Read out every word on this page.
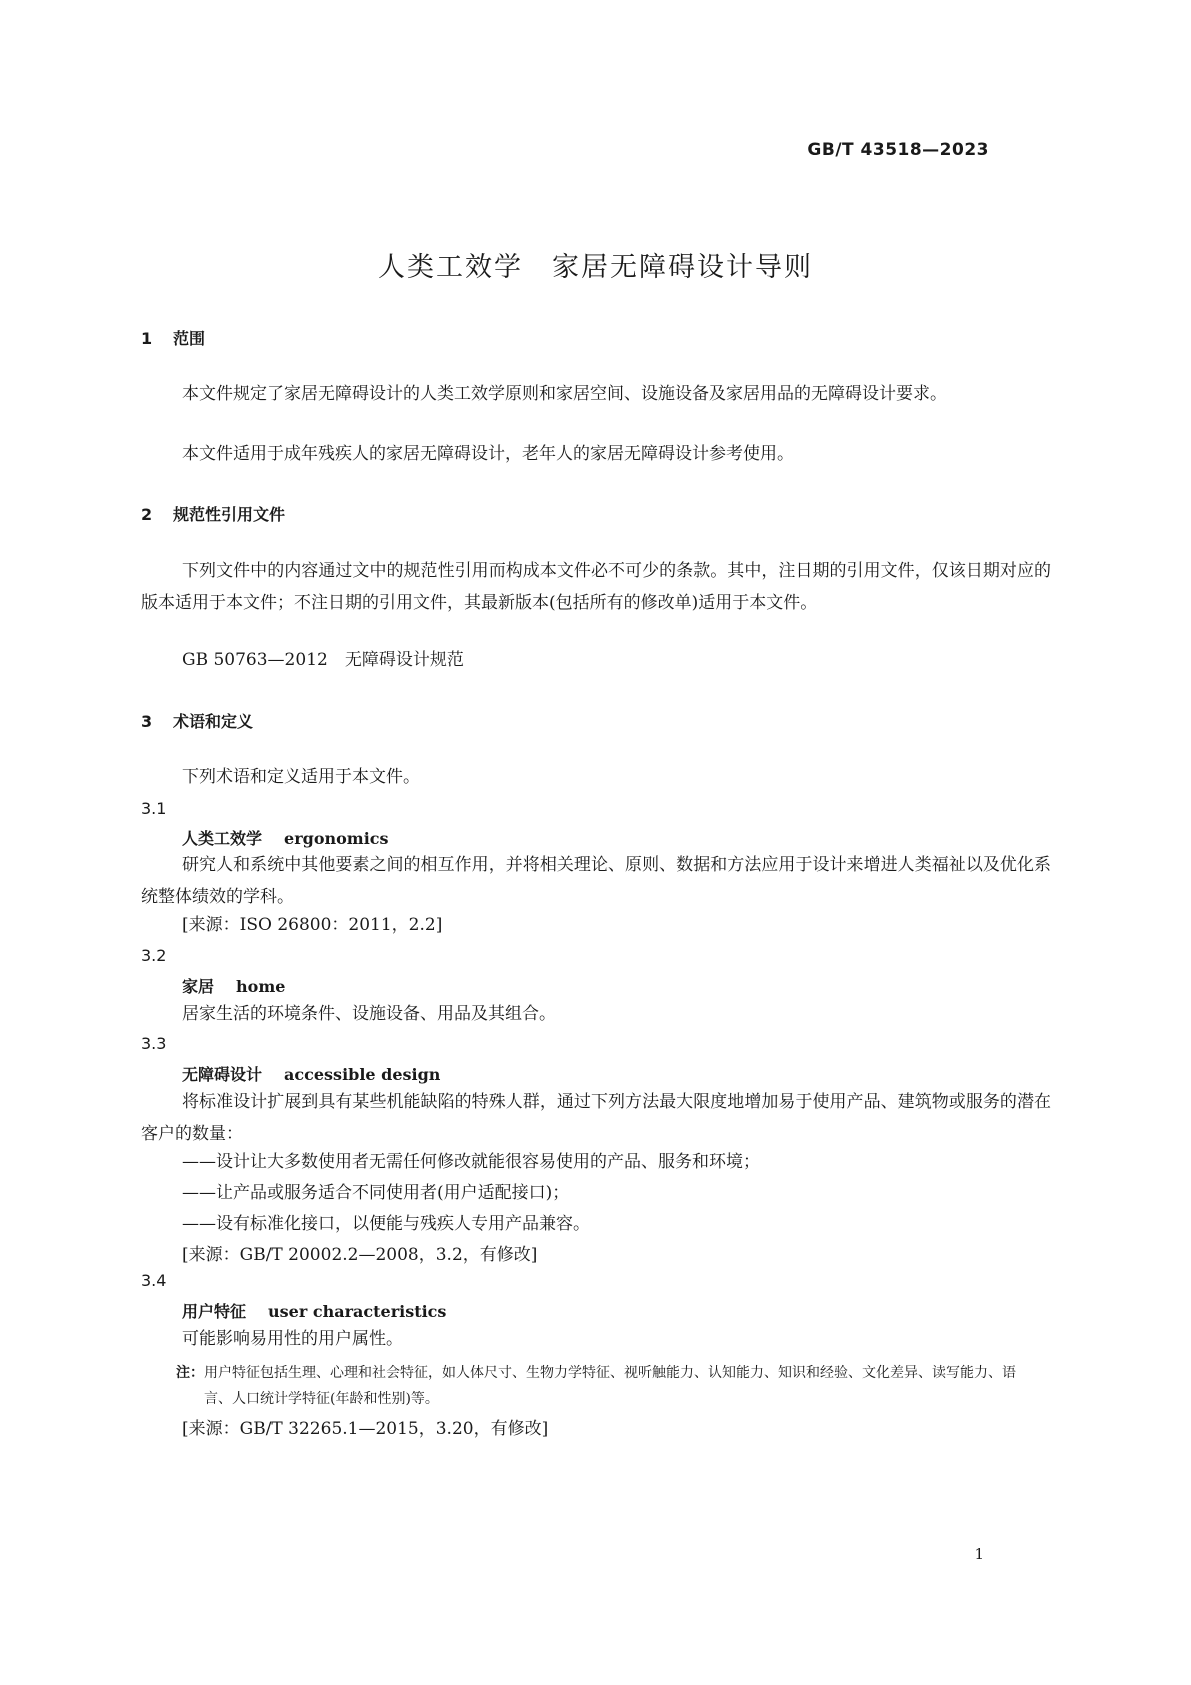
GB/T 43518—2023
人类工效学　家居无障碍设计导则
1 范围
本文件规定了家居无障碍设计的人类工效学原则和家居空间、设施设备及家居用品的无障碍设计要求。
本文件适用于成年残疾人的家居无障碍设计，老年人的家居无障碍设计参考使用。
2 规范性引用文件
下列文件中的内容通过文中的规范性引用而构成本文件必不可少的条款。其中，注日期的引用文件，仅该日期对应的版本适用于本文件；不注日期的引用文件，其最新版本(包括所有的修改单)适用于本文件。
GB 50763—2012　无障碍设计规范
3 术语和定义
下列术语和定义适用于本文件。
3.1
人类工效学 ergonomics
研究人和系统中其他要素之间的相互作用，并将相关理论、原则、数据和方法应用于设计来增进人类福祉以及优化系统整体绩效的学科。
[来源：ISO 26800：2011，2.2]
3.2
家居 home
居家生活的环境条件、设施设备、用品及其组合。
3.3
无障碍设计 accessible design
将标准设计扩展到具有某些机能缺陷的特殊人群，通过下列方法最大限度地增加易于使用产品、建筑物或服务的潜在客户的数量：
——设计让大多数使用者无需任何修改就能很容易使用的产品、服务和环境；
——让产品或服务适合不同使用者(用户适配接口)；
——设有标准化接口，以便能与残疾人专用产品兼容。
[来源：GB/T 20002.2—2008，3.2，有修改]
3.4
用户特征 user characteristics
可能影响易用性的用户属性。
注：用户特征包括生理、心理和社会特征，如人体尺寸、生物力学特征、视听触能力、认知能力、知识和经验、文化差异、读写能力、语言、人口统计学特征(年龄和性别)等。
[来源：GB/T 32265.1—2015，3.20，有修改]
1
